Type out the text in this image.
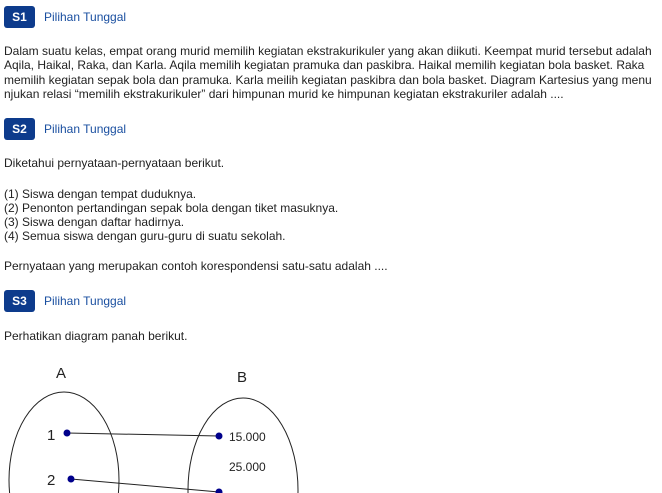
S1	Pilihan Tunggal
Dalam suatu kelas, empat orang murid memilih kegiatan ekstrakurikuler yang akan diikuti. Keempat murid tersebut adalah Aqila, Haikal, Raka, dan Karla. Aqila memilih kegiatan pramuka dan paskibra. Haikal memilih kegiatan bola basket. Raka memilih kegiatan sepak bola dan pramuka. Karla meilih kegiatan paskibra dan bola basket. Diagram Kartesius yang menu njukan relasi “memilih ekstrakurikuler” dari himpunan murid ke himpunan kegiatan ekstrakuriler adalah ....
S2	Pilihan Tunggal
Diketahui pernyataan-pernyataan berikut.
(1) Siswa dengan tempat duduknya.
(2) Penonton pertandingan sepak bola dengan tiket masuknya.
(3) Siswa dengan daftar hadirnya.
(4) Semua siswa dengan guru-guru di suatu sekolah.
Pernyataan yang merupakan contoh korespondensi satu-satu adalah ....
S3	Pilihan Tunggal
Perhatikan diagram panah berikut.
A	B
1
2
15.000
25.000
